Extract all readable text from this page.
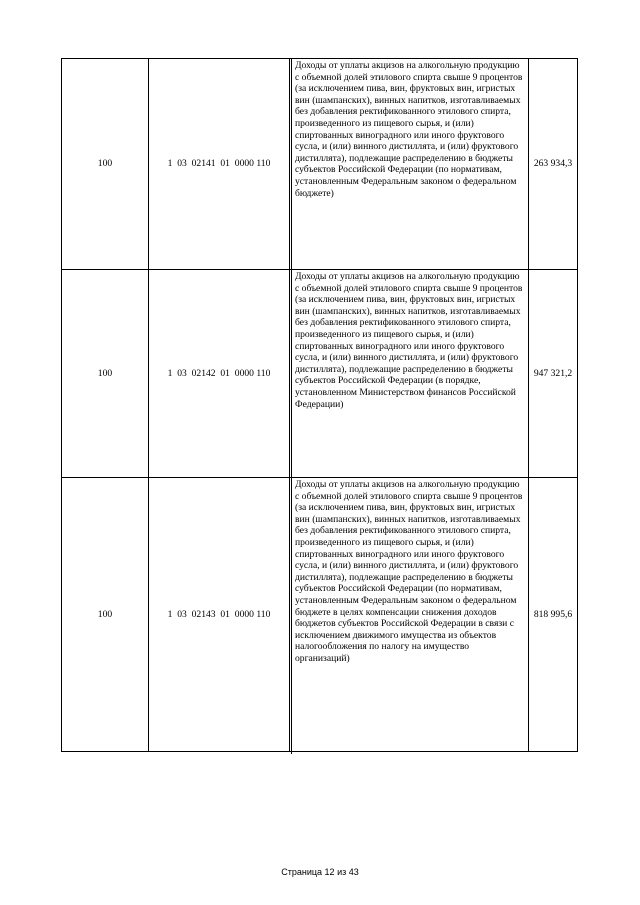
100	1  03  02141  01  0000 110	Доходы от уплаты акцизов на алкогольную продукцию с объемной долей этилового спирта свыше 9 процентов (за исключением пива, вин, фруктовых вин, игристых вин (шампанских), винных напитков, изготавливаемых без добавления ректификованного этилового спирта, произведенного из пищевого сырья, и (или) спиртованных виноградного или иного фруктового сусла, и (или) винного дистиллята, и (или) фруктового дистиллята), подлежащие распределению в бюджеты субъектов Российской Федерации (по нормативам, установленным Федеральным законом о федеральном бюджете)	263 934,3
100	1  03  02142  01  0000 110	Доходы от уплаты акцизов на алкогольную продукцию с объемной долей этилового спирта свыше 9 процентов (за исключением пива, вин, фруктовых вин, игристых вин (шампанских), винных напитков, изготавливаемых без добавления ректификованного этилового спирта, произведенного из пищевого сырья, и (или) спиртованных виноградного или иного фруктового сусла, и (или) винного дистиллята, и (или) фруктового дистиллята), подлежащие распределению в бюджеты субъектов Российской Федерации (в порядке, установленном Министерством финансов Российской Федерации)	947 321,2
100	1  03  02143  01  0000 110	Доходы от уплаты акцизов на алкогольную продукцию с объемной долей этилового спирта свыше 9 процентов (за исключением пива, вин, фруктовых вин, игристых вин (шампанских), винных напитков, изготавливаемых без добавления ректификованного этилового спирта, произведенного из пищевого сырья, и (или) спиртованных виноградного или иного фруктового сусла, и (или) винного дистиллята, и (или) фруктового дистиллята), подлежащие распределению в бюджеты субъектов Российской Федерации (по нормативам, установленным Федеральным законом о федеральном бюджете в целях компенсации снижения доходов бюджетов субъектов Российской Федерации в связи с исключением движимого имущества из объектов налогообложения по налогу на имущество организаций)	818 995,6
Страница 12 из 43
